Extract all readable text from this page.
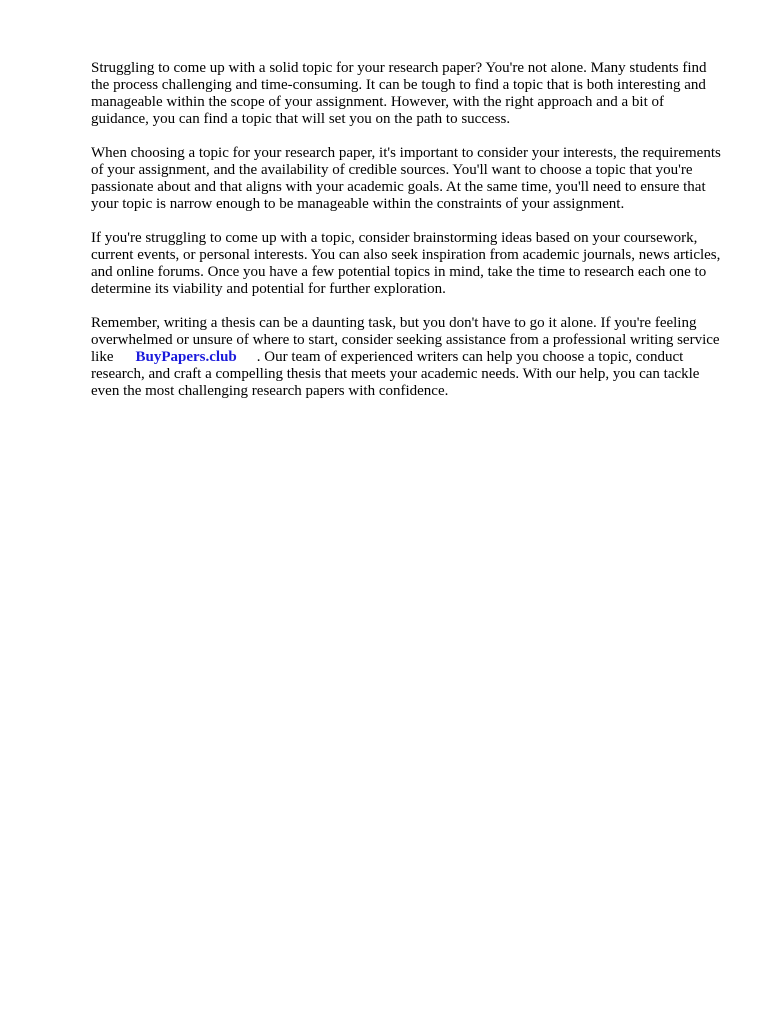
Struggling to come up with a solid topic for your research paper? You're not alone. Many students find the process challenging and time-consuming. It can be tough to find a topic that is both interesting and manageable within the scope of your assignment. However, with the right approach and a bit of guidance, you can find a topic that will set you on the path to success.

When choosing a topic for your research paper, it's important to consider your interests, the requirements of your assignment, and the availability of credible sources. You'll want to choose a topic that you're passionate about and that aligns with your academic goals. At the same time, you'll need to ensure that your topic is narrow enough to be manageable within the constraints of your assignment.

If you're struggling to come up with a topic, consider brainstorming ideas based on your coursework, current events, or personal interests. You can also seek inspiration from academic journals, news articles, and online forums. Once you have a few potential topics in mind, take the time to research each one to determine its viability and potential for further exploration.

Remember, writing a thesis can be a daunting task, but you don't have to go it alone. If you're feeling overwhelmed or unsure of where to start, consider seeking assistance from a professional writing service like BuyPapers.club . Our team of experienced writers can help you choose a topic, conduct research, and craft a compelling thesis that meets your academic needs. With our help, you can tackle even the most challenging research papers with confidence.
